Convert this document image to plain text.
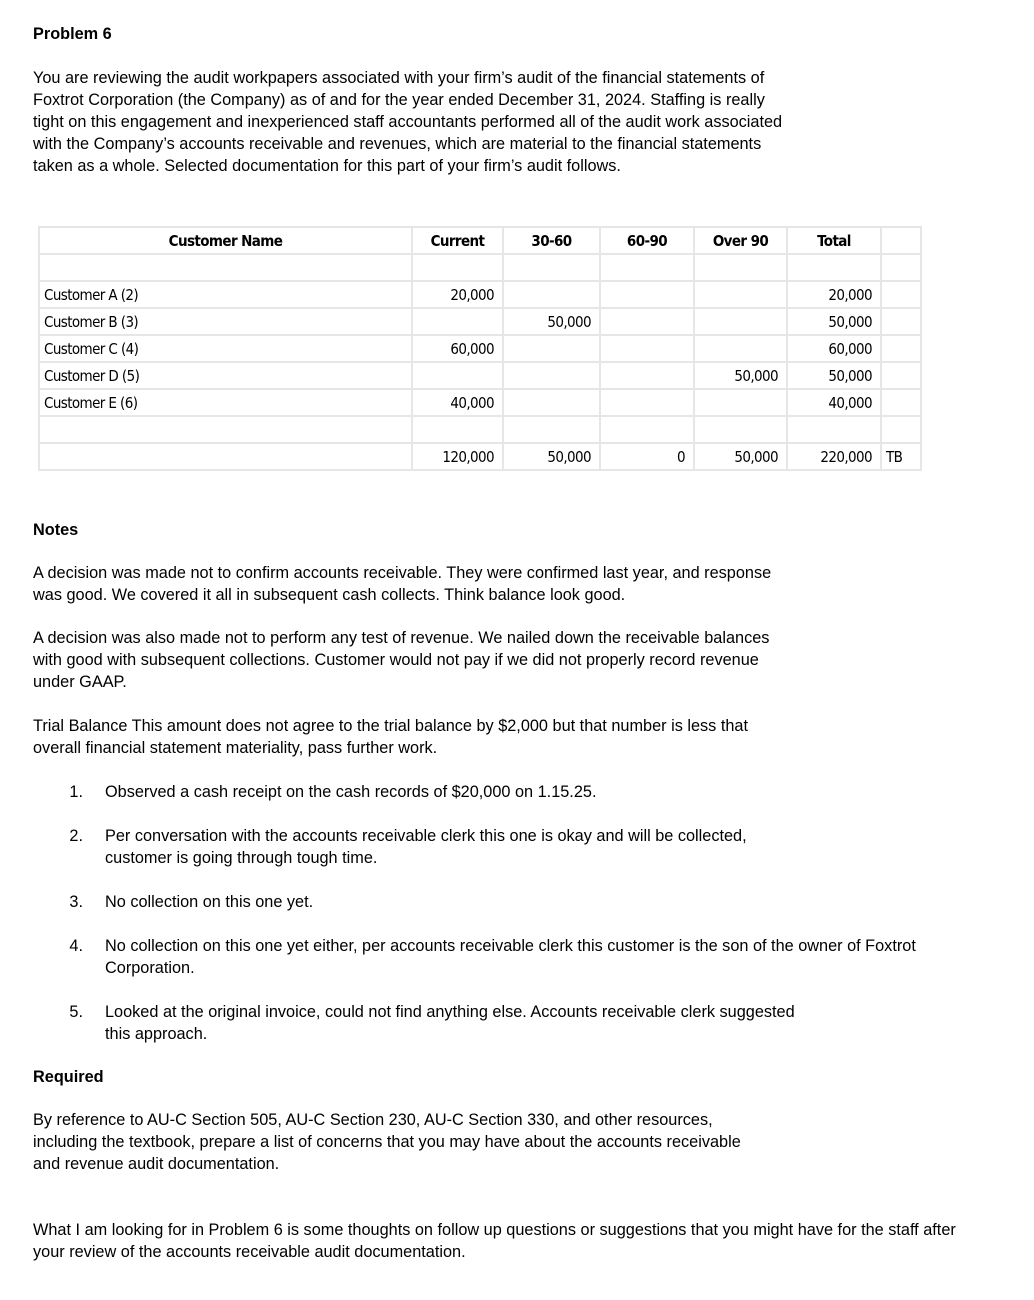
Problem 6

You are reviewing the audit workpapers associated with your firm’s audit of the financial statements of Foxtrot Corporation (the Company) as of and for the year ended December 31, 2024. Staffing is really tight on this engagement and inexperienced staff accountants performed all of the audit work associated with the Company’s accounts receivable and revenues, which are material to the financial statements taken as a whole. Selected documentation for this part of your firm’s audit follows.

Customer Name	Current	30-60	60-90	Over 90	Total	

Customer A (2)	20,000				20,000	
Customer B (3)		50,000			50,000	
Customer C (4)	60,000				60,000	
Customer D (5)				50,000	50,000	
Customer E (6)	40,000				40,000	

	120,000	50,000	0	50,000	220,000	TB

Notes

A decision was made not to confirm accounts receivable. They were confirmed last year, and response was good. We covered it all in subsequent cash collects. Think balance look good.

A decision was also made not to perform any test of revenue. We nailed down the receivable balances with good with subsequent collections. Customer would not pay if we did not properly record revenue under GAAP.

Trial Balance This amount does not agree to the trial balance by $2,000 but that number is less that overall financial statement materiality, pass further work.

1. Observed a cash receipt on the cash records of $20,000 on 1.15.25.
2. Per conversation with the accounts receivable clerk this one is okay and will be collected, customer is going through tough time.
3. No collection on this one yet.
4. No collection on this one yet either, per accounts receivable clerk this customer is the son of the owner of Foxtrot Corporation.
5. Looked at the original invoice, could not find anything else. Accounts receivable clerk suggested this approach.

Required

By reference to AU-C Section 505, AU-C Section 230, AU-C Section 330, and other resources, including the textbook, prepare a list of concerns that you may have about the accounts receivable and revenue audit documentation.

What I am looking for in Problem 6 is some thoughts on follow up questions or suggestions that you might have for the staff after your review of the accounts receivable audit documentation.
